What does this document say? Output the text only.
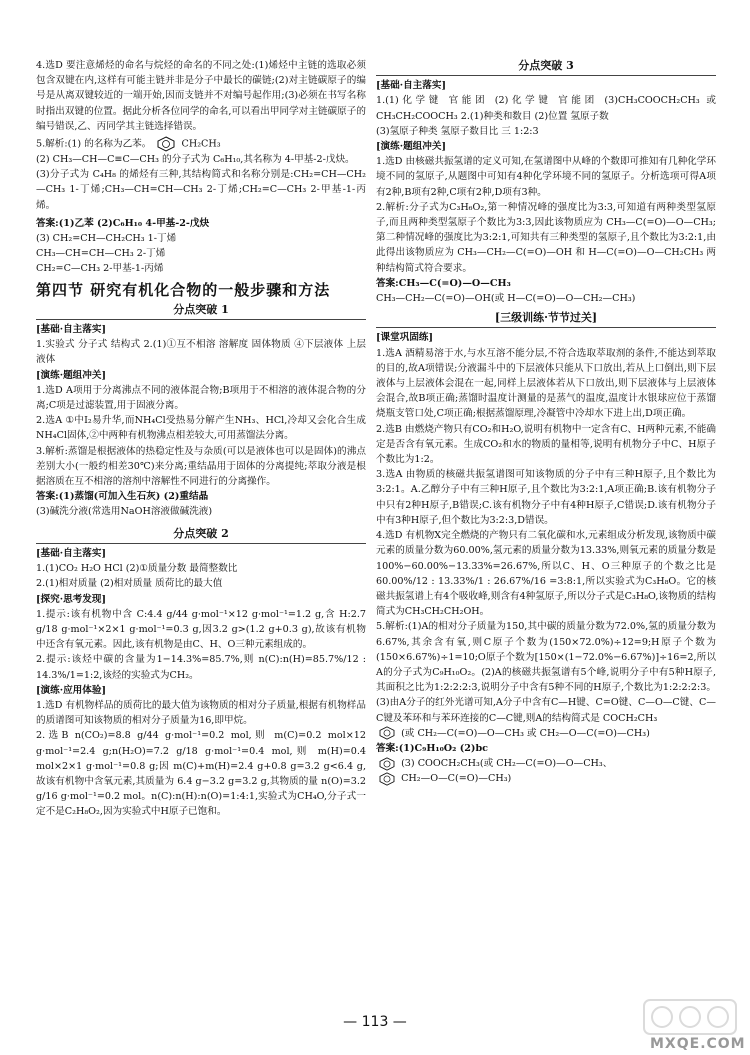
4.选D 要注意烯烃的命名与烷烃的命名的不同之处:(1)烯烃中主链的选取必须包含双键在内,这样有可能主链并非是分子中最长的碳链;(2)对主链碳原子的编号是从离双键较近的一端开始,因而支链并不对编号起作用;(3)必须在书写名称时指出双键的位置。据此分析各位同学的命名,可以看出甲同学对主链碳原子的编号错误,乙、丙同学其主链选择错误。

5.解析:(1) 的名称为乙苯。	CH₂CH₃

(2) CH₃—CH—C≡C—CH₃ 的分子式为 C₆H₁₀,其名称为 4-甲基-2-戊炔。

(3)分子式为 C₄H₈ 的烯烃有三种,其结构简式和名称分别是:CH₂=CH—CH₂—CH₃ 1-丁烯;CH₃—CH=CH—CH₃ 2-丁烯;CH₂=C—CH₃ 2-甲基-1-丙烯。

答案:(1)乙苯 (2)C₆H₁₀ 4-甲基-2-戊炔

(3) CH₂=CH—CH₂CH₃ 1-丁烯

CH₃—CH=CH—CH₃ 2-丁烯

CH₂=C—CH₃ 2-甲基-1-丙烯

第四节 研究有机化合物的一般步骤和方法
分点突破 1

[基础·自主落实]

1.实验式 分子式 结构式 2.(1)①互不相溶 溶解度 固体物质 ④下层液体 上层液体

[演练·题组冲关]

1.选D A项用于分离沸点不同的液体混合物;B项用于不相溶的液体混合物的分离;C项是过滤装置,用于固液分离。

2.选A ①中I₂易升华,而NH₄Cl受热易分解产生NH₃、HCl,冷却又会化合生成NH₄Cl固体,②中两种有机物沸点相差较大,可用蒸馏法分离。

3.解析:蒸馏是根据液体的热稳定性及与杂质(可以是液体也可以是固体)的沸点差别大小(一般约相差30℃)来分离;重结晶用于固体的分离提纯;萃取分液是根据溶质在互不相溶的溶剂中溶解性不同进行的分离操作。

答案:(1)蒸馏(可加入生石灰) (2)重结晶

(3)碱洗分液(常选用NaOH溶液做碱洗液)

分点突破 2

[基础·自主落实]

1.(1)CO₂ H₂O HCl (2)①质量分数 最简整数比

2.(1)相对质量 (2)相对质量 质荷比的最大值

[探究·思考发现]

1.提示:该有机物中含 C:4.4 g/44 g·mol⁻¹×12 g·mol⁻¹=1.2 g,含 H:2.7 g/18 g·mol⁻¹×2×1 g·mol⁻¹=0.3 g,因3.2 g>(1.2 g+0.3 g),故该有机物中还含有氧元素。因此,该有机物是由C、H、O三种元素组成的。

2.提示:该烃中碳的含量为1−14.3%=85.7%,则 n(C):n(H)=85.7%/12 : 14.3%/1=1:2,该烃的实验式为CH₂。

[演练·应用体验]

1.选D 有机物样品的质荷比的最大值为该物质的相对分子质量,根据有机物样品的质谱图可知该物质的相对分子质量为16,即甲烷。

2.选B n(CO₂)=8.8 g/44 g·mol⁻¹=0.2 mol,则 m(C)=0.2 mol×12 g·mol⁻¹=2.4 g;n(H₂O)=7.2 g/18 g·mol⁻¹=0.4 mol,则 m(H)=0.4 mol×2×1 g·mol⁻¹=0.8 g;因 m(C)+m(H)=2.4 g+0.8 g=3.2 g<6.4 g,故该有机物中含氧元素,其质量为 6.4 g−3.2 g=3.2 g,其物质的量 n(O)=3.2 g/16 g·mol⁻¹=0.2 mol。n(C):n(H):n(O)=1:4:1,实验式为CH₄O,分子式一定不是C₂H₈O₂,因为实验式中H原子已饱和。

分点突破 3

[基础·自主落实]

1.(1)化学键 官能团 (2)化学键 官能团 (3)CH₃COOCH₂CH₃ 或 CH₃CH₂COOCH₃ 2.(1)种类和数目 (2)位置 氢原子数

(3)氢原子种类 氢原子数目比 三 1:2:3

[演练·题组冲关]

1.选D 由核磁共振氢谱的定义可知,在氢谱图中从峰的个数即可推知有几种化学环境不同的氢原子,从题图中可知有4种化学环境不同的氢原子。分析选项可得A项有2种,B项有2种,C项有2种,D项有3种。

2.解析:分子式为C₃H₆O₂,第一种情况峰的强度比为3:3,可知道有两种类型氢原子,而且两种类型氢原子个数比为3:3,因此该物质应为 CH₃—C(=O)—O—CH₃;第二种情况峰的强度比为3:2:1,可知共有三种类型的氢原子,且个数比为3:2:1,由此得出该物质应为 CH₃—CH₂—C(=O)—OH 和 H—C(=O)—O—CH₂CH₃ 两种结构简式符合要求。

答案:CH₃—C(=O)—O—CH₃

CH₃—CH₂—C(=O)—OH(或 H—C(=O)—O—CH₂—CH₃)

[三级训练·节节过关]

[课堂巩固练]

1.选A 酒精易溶于水,与水互溶不能分层,不符合选取萃取剂的条件,不能达到萃取的目的,故A项错误;分液漏斗中的下层液体只能从下口放出,若从上口倒出,则下层液体与上层液体会混在一起,同样上层液体若从下口放出,则下层液体与上层液体会混合,故B项正确;蒸馏时温度计测量的是蒸气的温度,温度计水银球应位于蒸馏烧瓶支管口处,C项正确;根据蒸馏原理,冷凝管中冷却水下进上出,D项正确。

2.选B 由燃烧产物只有CO₂和H₂O,说明有机物中一定含有C、H两种元素,不能确定是否含有氧元素。生成CO₂和水的物质的量相等,说明有机物分子中C、H原子个数比为1:2。

3.选A 由物质的核磁共振氢谱图可知该物质的分子中有三种H原子,且个数比为3:2:1。A.乙醇分子中有三种H原子,且个数比为3:2:1,A项正确;B.该有机物分子中只有2种H原子,B错误;C.该有机物分子中有4种H原子,C错误;D.该有机物分子中有3种H原子,但个数比为3:2:3,D错误。

4.选D 有机物X完全燃烧的产物只有二氧化碳和水,元素组成分析发现,该物质中碳元素的质量分数为60.00%,氢元素的质量分数为13.33%,则氧元素的质量分数是100%−60.00%−13.33%=26.67%,所以C、H、O三种原子的个数之比是 60.00%/12 : 13.33%/1 : 26.67%/16 =3:8:1,所以实验式为C₃H₈O。它的核磁共振氢谱上有4个吸收峰,则含有4种氢原子,所以分子式是C₃H₈O,该物质的结构简式为CH₃CH₂CH₂OH。

5.解析:(1)A的相对分子质量为150,其中碳的质量分数为72.0%,氢的质量分数为6.67%,其余含有氧,则C原子个数为(150×72.0%)÷12=9;H原子个数为(150×6.67%)÷1=10;O原子个数为[150×(1−72.0%−6.67%)]÷16=2,所以A的分子式为C₉H₁₀O₂。(2)A的核磁共振氢谱有5个峰,说明分子中有5种H原子,其面积之比为1:2:2:2:3,说明分子中含有5种不同的H原子,个数比为1:2:2:2:3。(3)由A分子的红外光谱可知,A分子中含有C—H键、C=O键、C—O—C键、C—C键及苯环和与苯环连接的C—C键,则A的结构简式是 COCH₂CH₃

(或 CH₂—C(=O)—O—CH₃ 或 CH₂—O—C(=O)—CH₃)

答案:(1)C₉H₁₀O₂ (2)bc

(3) COOCH₂CH₃(或 CH₂—C(=O)—O—CH₃、

CH₂—O—C(=O)—CH₃)

— 113 —
MXQE.COM
